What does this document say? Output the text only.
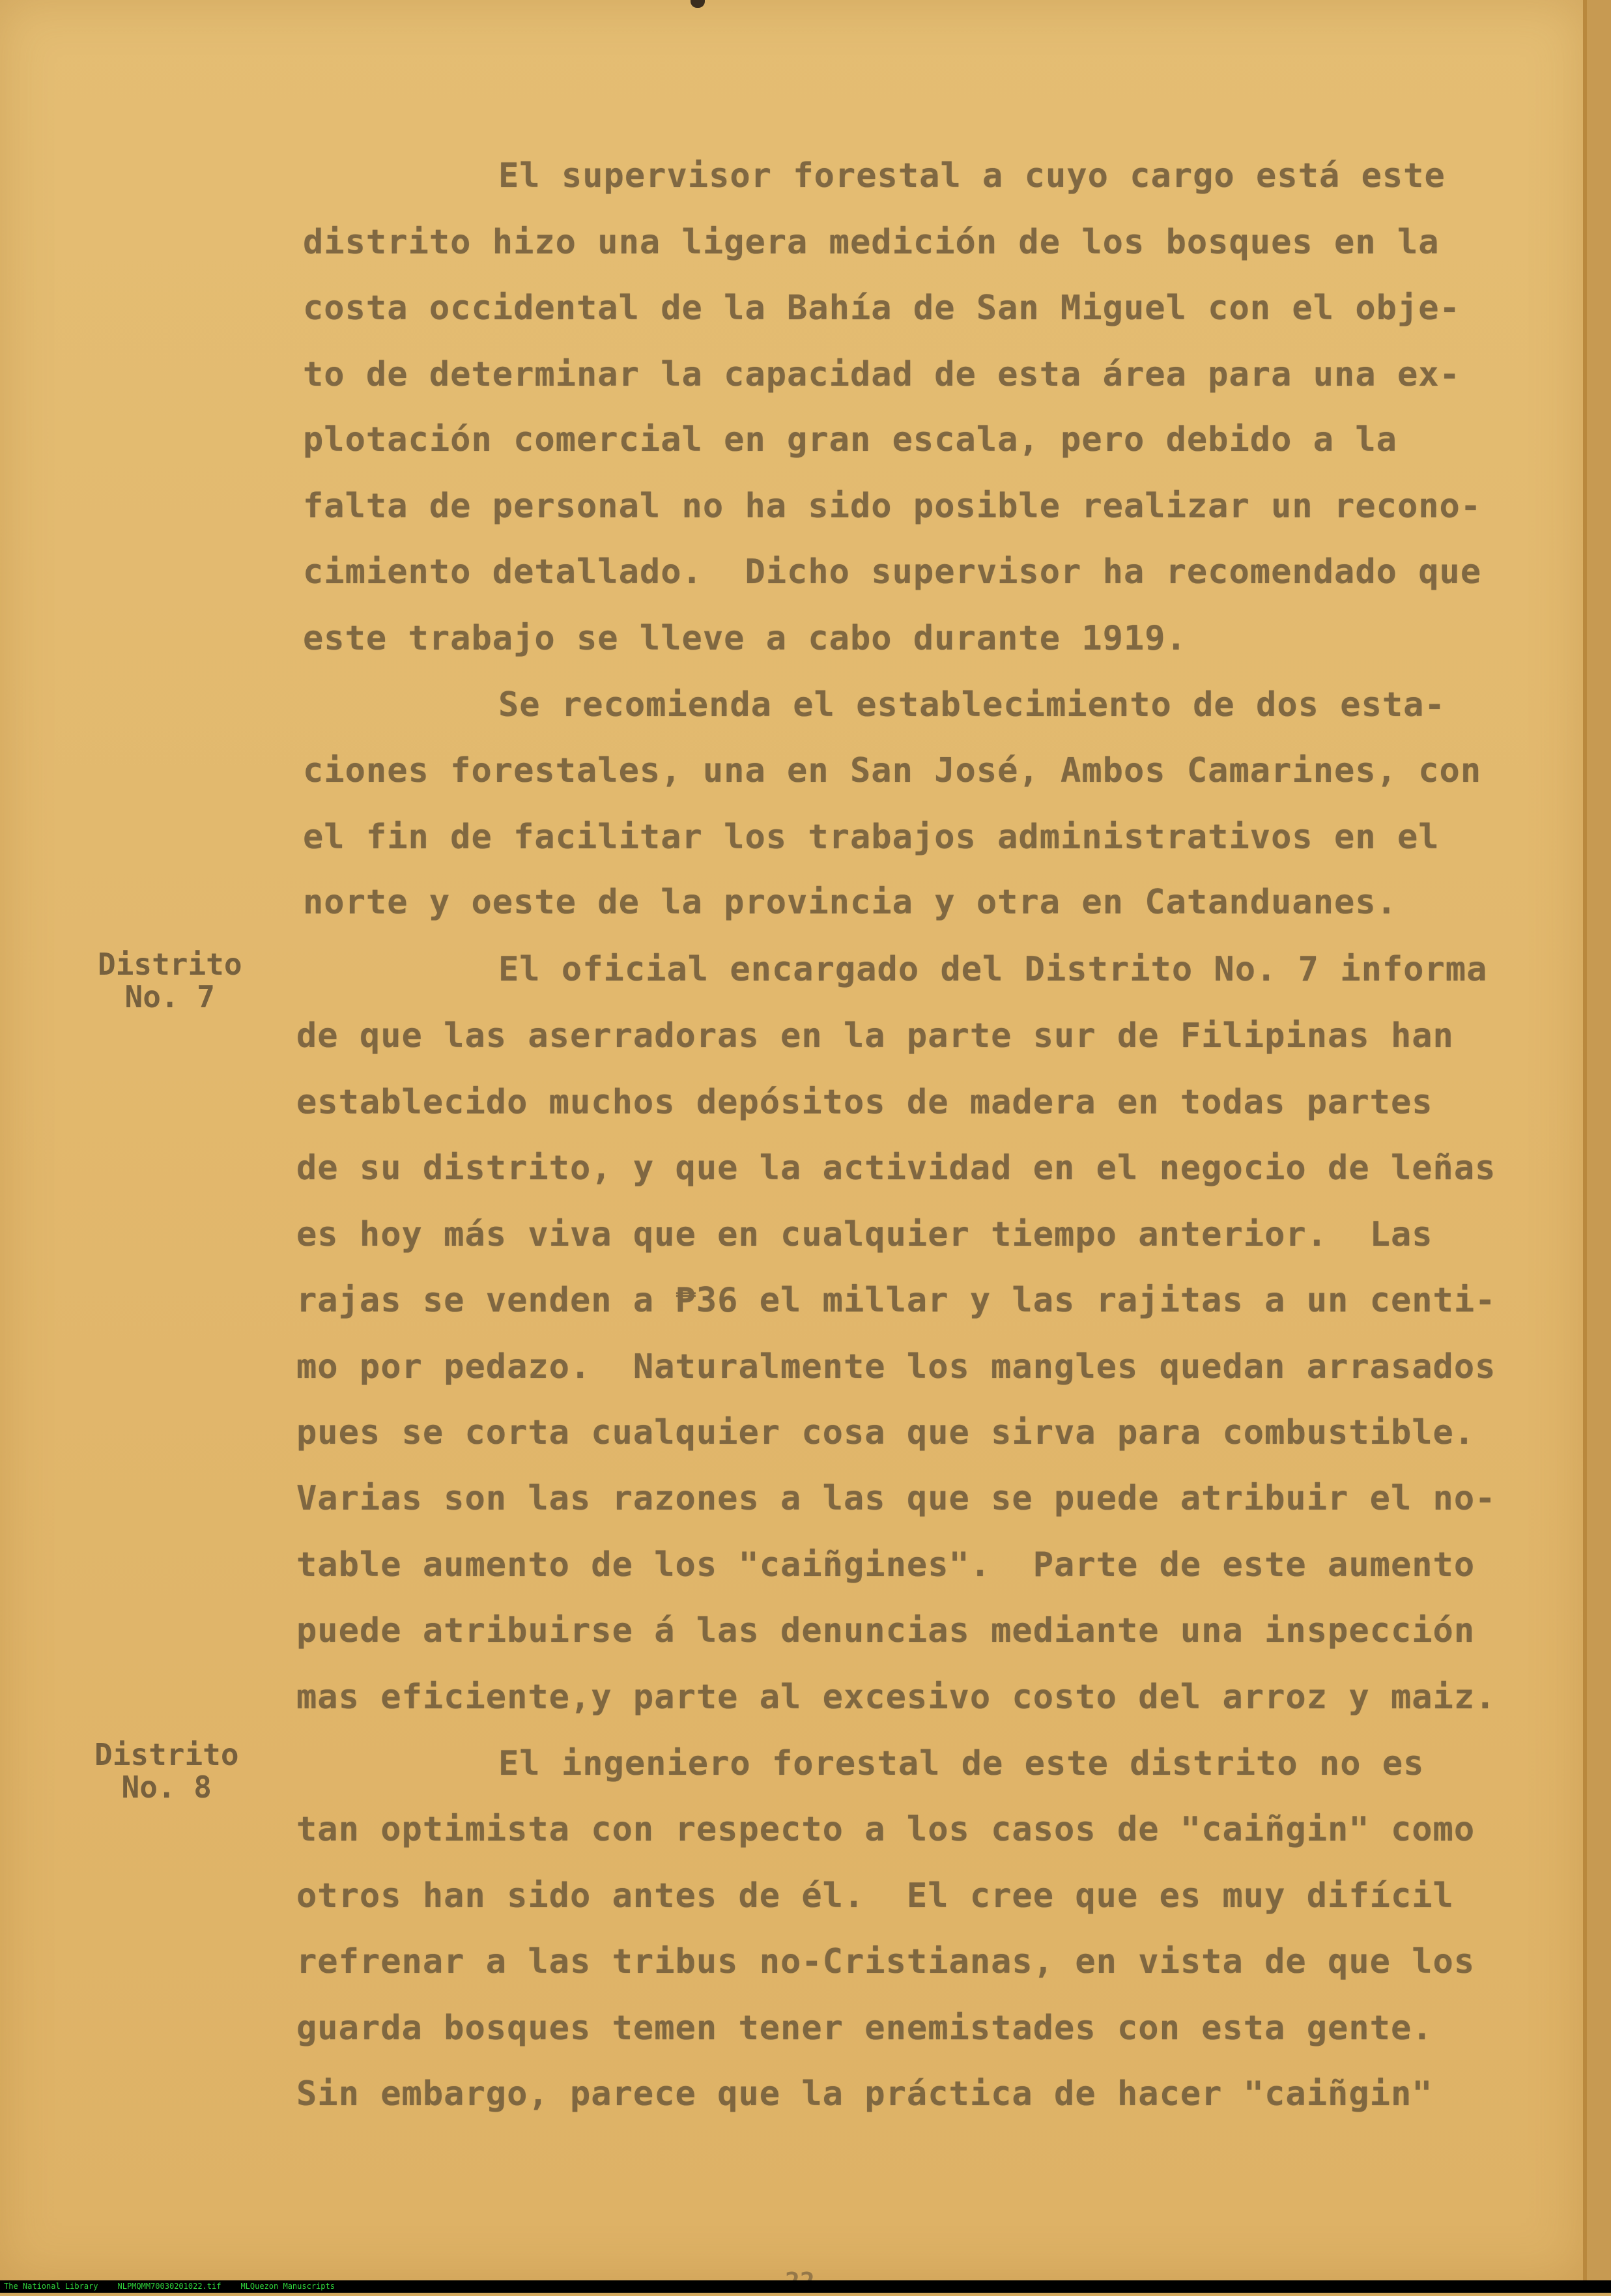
El supervisor forestal a cuyo cargo está este
distrito hizo una ligera medición de los bosques en la
costa occidental de la Bahía de San Miguel con el obje-
to de determinar la capacidad de esta área para una ex-
plotación comercial en gran escala, pero debido a la
falta de personal no ha sido posible realizar un recono-
cimiento detallado.  Dicho supervisor ha recomendado que
este trabajo se lleve a cabo durante 1919.
Se recomienda el establecimiento de dos esta-
ciones forestales, una en San José, Ambos Camarines, con
el fin de facilitar los trabajos administrativos en el
norte y oeste de la provincia y otra en Catanduanes.
Distrito
No. 7
El oficial encargado del Distrito No. 7 informa
de que las aserradoras en la parte sur de Filipinas han
establecido muchos depósitos de madera en todas partes
de su distrito, y que la actividad en el negocio de leñas
es hoy más viva que en cualquier tiempo anterior.  Las
rajas se venden a ₱36 el millar y las rajitas a un centi-
mo por pedazo.  Naturalmente los mangles quedan arrasados
pues se corta cualquier cosa que sirva para combustible.
Varias son las razones a las que se puede atribuir el no-
table aumento de los "caiñgines".  Parte de este aumento
puede atribuirse á las denuncias mediante una inspección
mas eficiente,y parte al excesivo costo del arroz y maiz.
Distrito
No. 8
El ingeniero forestal de este distrito no es
tan optimista con respecto a los casos de "caiñgin" como
otros han sido antes de él.  El cree que es muy difícil
refrenar a las tribus no-Cristianas, en vista de que los
guarda bosques temen tener enemistades con esta gente.
Sin embargo, parece que la práctica de hacer "caiñgin"
The National Library	NLPMQMM70030201022.tif	MLQuezon Manuscripts
